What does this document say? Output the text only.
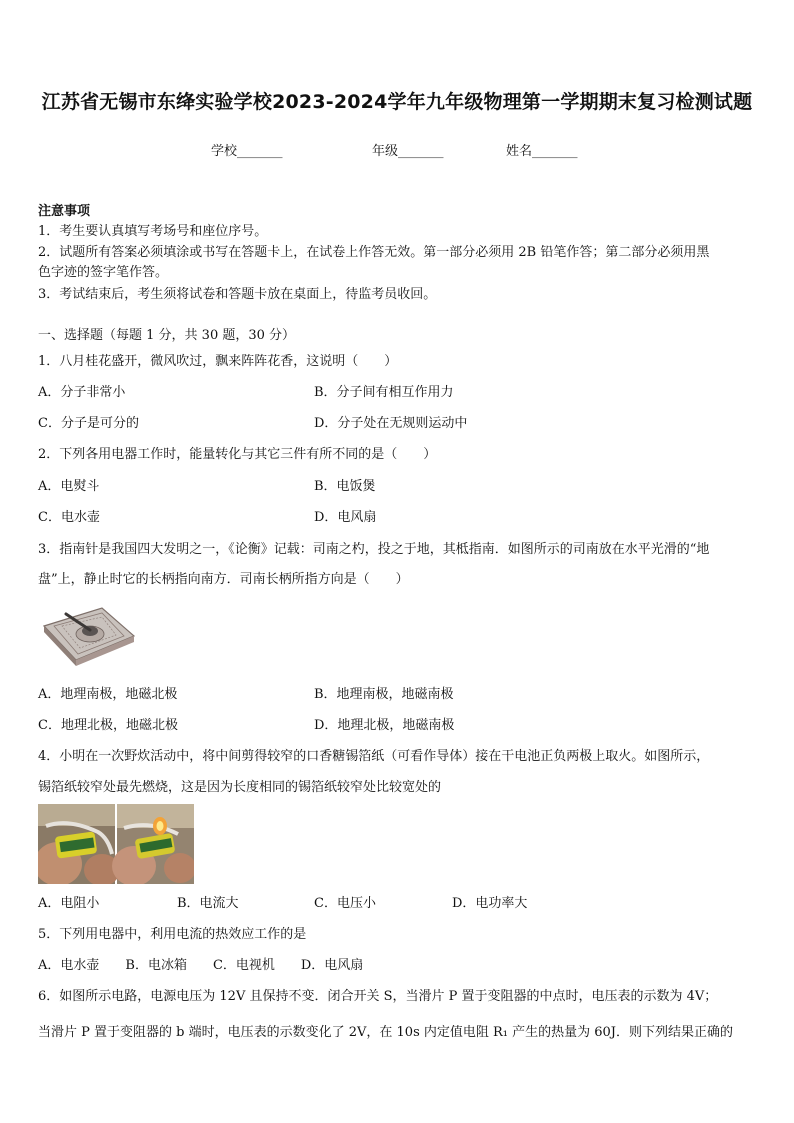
江苏省无锡市东绛实验学校2023-2024学年九年级物理第一学期期末复习检测试题
学校_______	年级_______	姓名_______
注意事项
1．考生要认真填写考场号和座位序号。
2．试题所有答案必须填涂或书写在答题卡上，在试卷上作答无效。第一部分必须用 2B 铅笔作答；第二部分必须用黑
色字迹的签字笔作答。
3．考试结束后，考生须将试卷和答题卡放在桌面上，待监考员收回。
一、选择题（每题 1 分，共 30 题，30 分）
1．八月桂花盛开，微风吹过，飘来阵阵花香，这说明（　　）
A．分子非常小	B．分子间有相互作用力
C．分子是可分的	D．分子处在无规则运动中
2．下列各用电器工作时，能量转化与其它三件有所不同的是（　　）
A．电熨斗	B．电饭煲
C．电水壶	D．电风扇
3．指南针是我国四大发明之一，《论衡》记载：司南之杓，投之于地，其柢指南．如图所示的司南放在水平光滑的“地
盘”上，静止时它的长柄指向南方．司南长柄所指方向是（　　）
A．地理南极，地磁北极	B．地理南极，地磁南极
C．地理北极，地磁北极	D．地理北极，地磁南极
4．小明在一次野炊活动中，将中间剪得较窄的口香糖锡箔纸（可看作导体）接在干电池正负两极上取火。如图所示，
锡箔纸较窄处最先燃烧，这是因为长度相同的锡箔纸较窄处比较宽处的
A．电阻小	B．电流大	C．电压小	D．电功率大
5．下列用电器中，利用电流的热效应工作的是
A．电水壶　　B．电冰箱　　C．电视机　　D．电风扇
6．如图所示电路，电源电压为 12V 且保持不变．闭合开关 S，当滑片 P 置于变阻器的中点时，电压表的示数为 4V；
当滑片 P 置于变阻器的 b 端时，电压表的示数变化了 2V，在 10s 内定值电阻 R₁ 产生的热量为 60J．则下列结果正确的
